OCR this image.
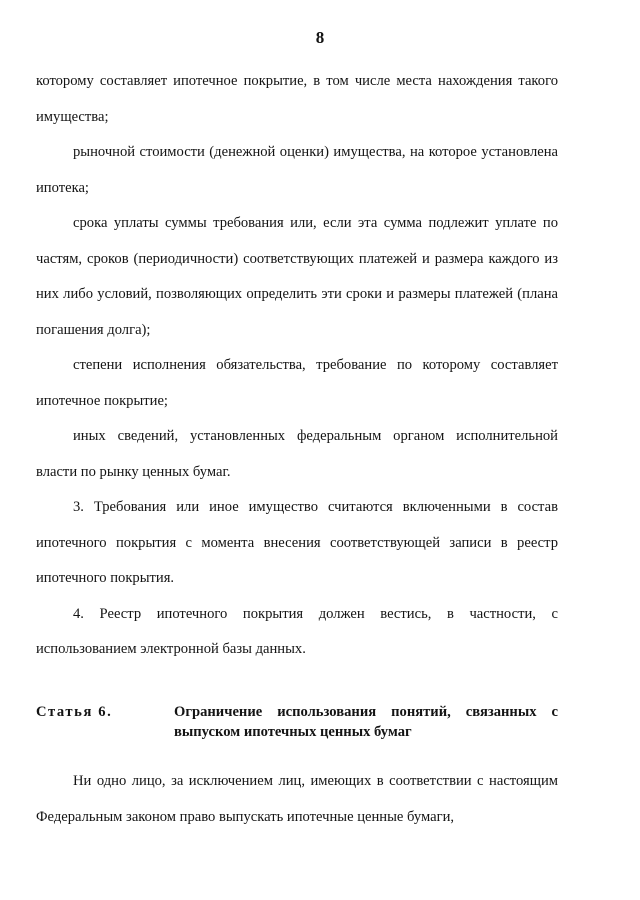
8

которому составляет ипотечное покрытие, в том числе места нахождения такого имущества;

рыночной стоимости (денежной оценки) имущества, на которое установлена ипотека;

срока уплаты суммы требования или, если эта сумма подлежит уплате по частям, сроков (периодичности) соответствующих платежей и размера каждого из них либо условий, позволяющих определить эти сроки и размеры платежей (плана погашения долга);

степени исполнения обязательства, требование по которому составляет ипотечное покрытие;

иных сведений, установленных федеральным органом исполнительной власти по рынку ценных бумаг.

3. Требования или иное имущество считаются включенными в состав ипотечного покрытия с момента внесения соответствующей записи в реестр ипотечного покрытия.

4. Реестр ипотечного покрытия должен вестись, в частности, с использованием электронной базы данных.

Статья 6.	Ограничение использования понятий, связанных с выпуском ипотечных ценных бумаг

Ни одно лицо, за исключением лиц, имеющих в соответствии с настоящим Федеральным законом право выпускать ипотечные ценные бумаги,
